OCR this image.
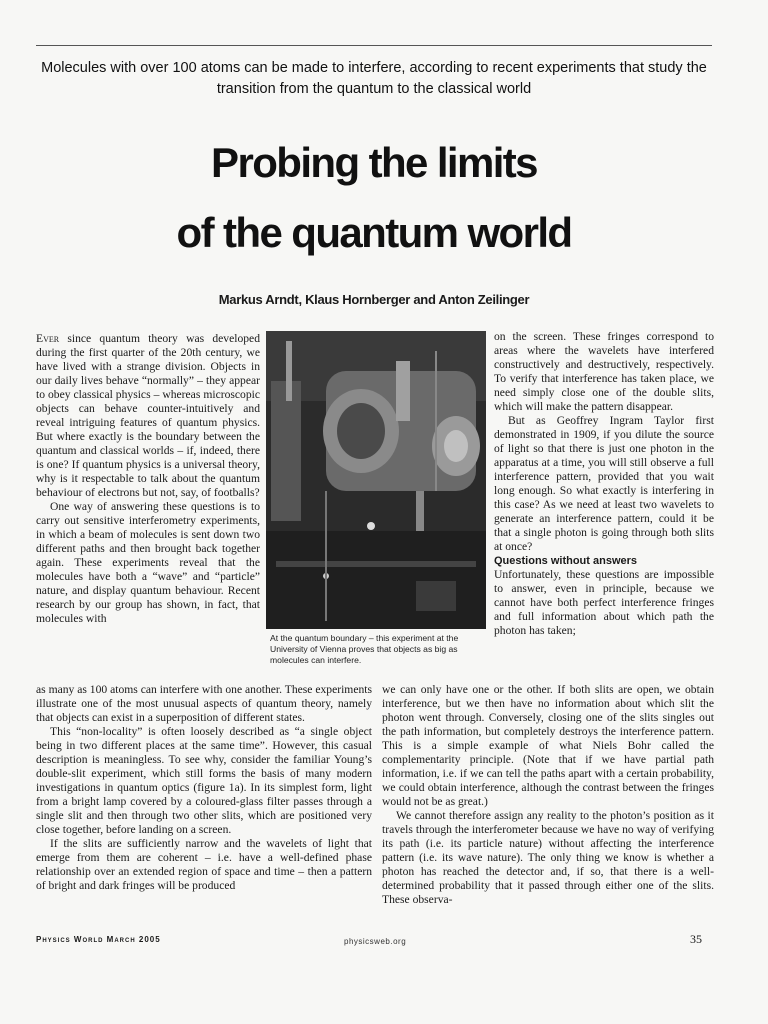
Molecules with over 100 atoms can be made to interfere, according to recent experiments that study the transition from the quantum to the classical world
Probing the limits
of the quantum world
Markus Arndt, Klaus Hornberger and Anton Zeilinger

Ever since quantum theory was developed during the first quarter of the 20th century, we have lived with a strange division. Objects in our daily lives behave “normally” – they appear to obey classical physics – whereas microscopic objects can behave counter-intuitively and reveal intriguing features of quantum physics. But where exactly is the boundary between the quantum and classical worlds – if, indeed, there is one? If quantum physics is a universal theory, why is it respectable to talk about the quantum behaviour of electrons but not, say, of footballs?

One way of answering these questions is to carry out sensitive interferometry experiments, in which a beam of molecules is sent down two different paths and then brought back together again. These experiments reveal that the molecules have both a “wave” and “particle” nature, and display quantum behaviour. Recent research by our group has shown, in fact, that molecules with

At the quantum boundary – this experiment at the University of Vienna proves that objects as big as molecules can interfere.

on the screen. These fringes correspond to areas where the wavelets have interfered constructively and destructively, respectively. To verify that interference has taken place, we need simply close one of the double slits, which will make the pattern disappear.

But as Geoffrey Ingram Taylor first demonstrated in 1909, if you dilute the source of light so that there is just one photon in the apparatus at a time, you will still observe a full interference pattern, provided that you wait long enough. So what exactly is interfering in this case? As we need at least two wavelets to generate an interference pattern, could it be that a single photon is going through both slits at once?

Questions without answers

Unfortunately, these questions are impossible to answer, even in principle, because we cannot have both perfect interference fringes and full information about which path the photon has taken;

as many as 100 atoms can interfere with one another. These experiments illustrate one of the most unusual aspects of quantum theory, namely that objects can exist in a superposition of different states.

This “non-locality” is often loosely described as “a single object being in two different places at the same time”. However, this casual description is meaningless. To see why, consider the familiar Young’s double-slit experiment, which still forms the basis of many modern investigations in quantum optics (figure 1a). In its simplest form, light from a bright lamp covered by a coloured-glass filter passes through a single slit and then through two other slits, which are positioned very close together, before landing on a screen.

If the slits are sufficiently narrow and the wavelets of light that emerge from them are coherent – i.e. have a well-defined phase relationship over an extended region of space and time – then a pattern of bright and dark fringes will be produced

we can only have one or the other. If both slits are open, we obtain interference, but we then have no information about which slit the photon went through. Conversely, closing one of the slits singles out the path information, but completely destroys the interference pattern. This is a simple example of what Niels Bohr called the complementarity principle. (Note that if we have partial path information, i.e. if we can tell the paths apart with a certain probability, we could obtain interference, although the contrast between the fringes would not be as great.)

We cannot therefore assign any reality to the photon’s position as it travels through the interferometer because we have no way of verifying its path (i.e. its particle nature) without affecting the interference pattern (i.e. its wave nature). The only thing we know is whether a photon has reached the detector and, if so, that there is a well-determined probability that it passed through either one of the slits. These observa-

Physics World March 2005	physicsweb.org	35
